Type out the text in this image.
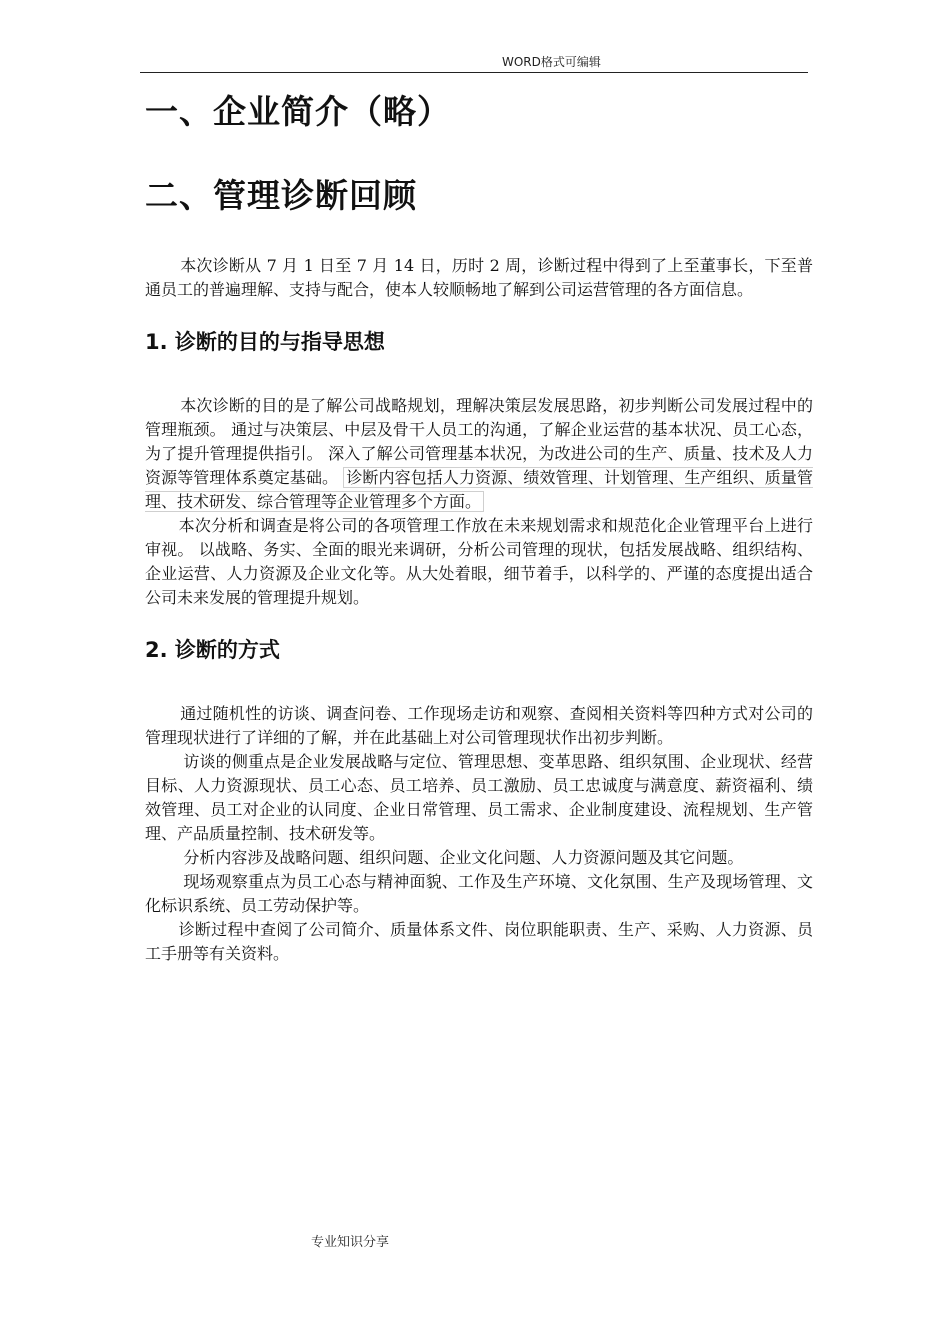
WORD格式可编辑
一、企业简介（略）
二、管理诊断回顾

本次诊断从 7 月 1 日至 7 月 14 日，历时 2 周，诊断过程中得到了上至董事长，下至普通员工的普遍理解、支持与配合，使本人较顺畅地了解到公司运营管理的各方面信息。

1. 诊断的目的与指导思想

本次诊断的目的是了解公司战略规划，理解决策层发展思路，初步判断公司发展过程中的管理瓶颈。 通过与决策层、中层及骨干人员工的沟通，了解企业运营的基本状况、员工心态，为了提升管理提供指引。 深入了解公司管理基本状况，为改进公司的生产、质量、技术及人力资源等管理体系奠定基础。 诊断内容包括人力资源、绩效管理、计划管理、生产组织、质量管理、技术研发、综合管理等企业管理多个方面。

本次分析和调查是将公司的各项管理工作放在未来规划需求和规范化企业管理平台上进行审视。 以战略、务实、全面的眼光来调研，分析公司管理的现状，包括发展战略、组织结构、企业运营、人力资源及企业文化等。从大处着眼，细节着手，以科学的、严谨的态度提出适合公司未来发展的管理提升规划。

2. 诊断的方式

通过随机性的访谈、调查问卷、工作现场走访和观察、查阅相关资料等四种方式对公司的管理现状进行了详细的了解，并在此基础上对公司管理现状作出初步判断。

访谈的侧重点是企业发展战略与定位、管理思想、变革思路、组织氛围、企业现状、经营目标、人力资源现状、员工心态、员工培养、员工激励、员工忠诚度与满意度、薪资福利、绩效管理、员工对企业的认同度、企业日常管理、员工需求、企业制度建设、流程规划、生产管理、产品质量控制、技术研发等。

分析内容涉及战略问题、组织问题、企业文化问题、人力资源问题及其它问题。

现场观察重点为员工心态与精神面貌、工作及生产环境、文化氛围、生产及现场管理、文化标识系统、员工劳动保护等。

诊断过程中查阅了公司简介、质量体系文件、岗位职能职责、生产、采购、人力资源、员工手册等有关资料。

专业知识分享
